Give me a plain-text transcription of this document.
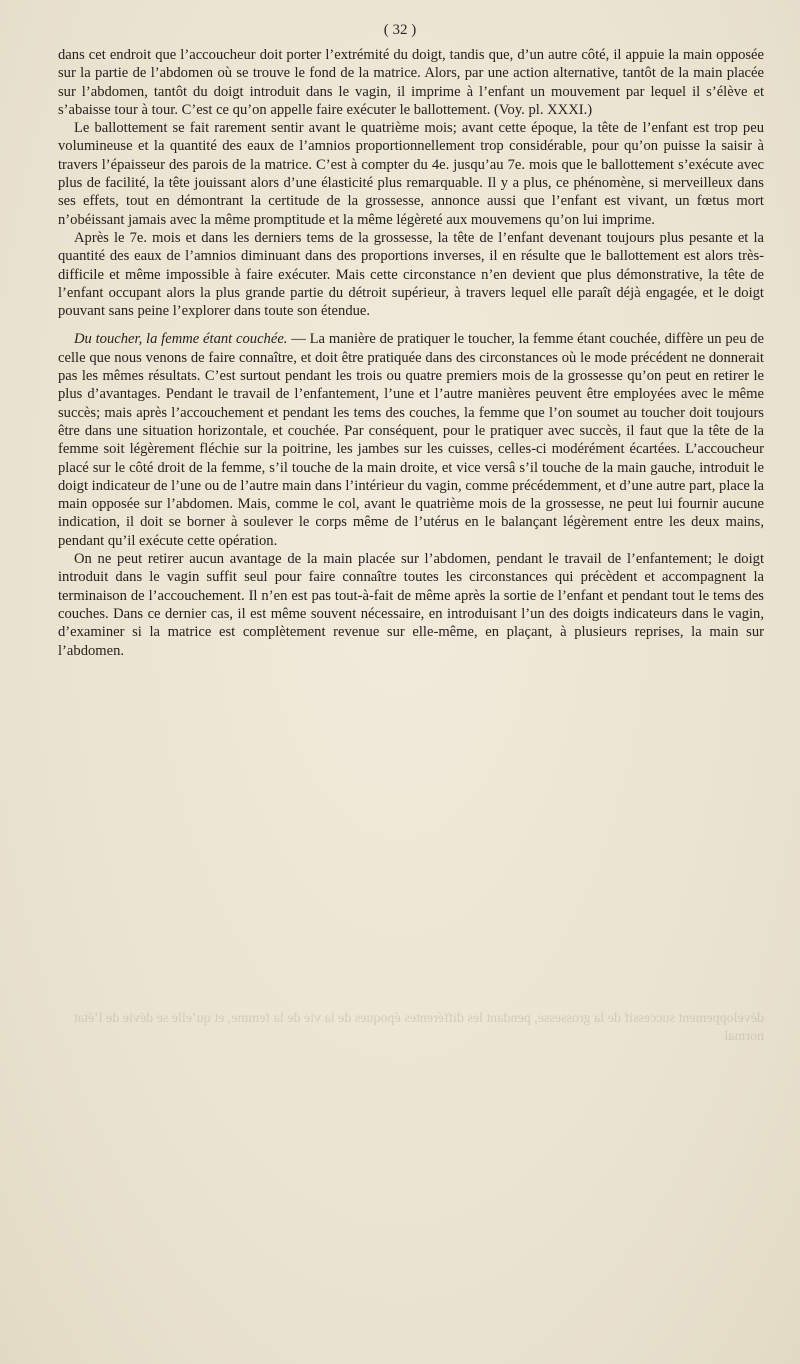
( 32 )

dans cet endroit que l’accoucheur doit porter l’extrémité du doigt, tandis que, d’un autre côté, il appuie la main opposée sur la partie de l’abdomen où se trouve le fond de la matrice. Alors, par une action alternative, tantôt de la main placée sur l’abdomen, tantôt du doigt introduit dans le vagin, il imprime à l’enfant un mouvement par lequel il s’élève et s’abaisse tour à tour. C’est ce qu’on appelle faire exécuter le ballottement. (Voy. pl. XXXI.)

Le ballottement se fait rarement sentir avant le quatrième mois; avant cette époque, la tête de l’enfant est trop peu volumineuse et la quantité des eaux de l’amnios proportionnellement trop considérable, pour qu’on puisse la saisir à travers l’épaisseur des parois de la matrice. C’est à compter du 4e. jusqu’au 7e. mois que le ballottement s’exécute avec plus de facilité, la tête jouissant alors d’une élasticité plus remarquable. Il y a plus, ce phénomène, si merveilleux dans ses effets, tout en démontrant la certitude de la grossesse, annonce aussi que l’enfant est vivant, un fœtus mort n’obéissant jamais avec la même promptitude et la même légèreté aux mouvemens qu’on lui imprime.

Après le 7e. mois et dans les derniers tems de la grossesse, la tête de l’enfant devenant toujours plus pesante et la quantité des eaux de l’amnios diminuant dans des proportions inverses, il en résulte que le ballottement est alors très-difficile et même impossible à faire exécuter. Mais cette circonstance n’en devient que plus démonstrative, la tête de l’enfant occupant alors la plus grande partie du détroit supérieur, à travers lequel elle paraît déjà engagée, et le doigt pouvant sans peine l’explorer dans toute son étendue.

Du toucher, la femme étant couchée. — La manière de pratiquer le toucher, la femme étant couchée, diffère un peu de celle que nous venons de faire connaître, et doit être pratiquée dans des circonstances où le mode précédent ne donnerait pas les mêmes résultats. C’est surtout pendant les trois ou quatre premiers mois de la grossesse qu’on peut en retirer le plus d’avantages. Pendant le travail de l’enfantement, l’une et l’autre manières peuvent être employées avec le même succès; mais après l’accouchement et pendant les tems des couches, la femme que l’on soumet au toucher doit toujours être dans une situation horizontale, et couchée. Par conséquent, pour le pratiquer avec succès, il faut que la tête de la femme soit légèrement fléchie sur la poitrine, les jambes sur les cuisses, celles-ci modérément écartées. L’accoucheur placé sur le côté droit de la femme, s’il touche de la main droite, et vice versâ s’il touche de la main gauche, introduit le doigt indicateur de l’une ou de l’autre main dans l’intérieur du vagin, comme précédemment, et d’une autre part, place la main opposée sur l’abdomen. Mais, comme le col, avant le quatrième mois de la grossesse, ne peut lui fournir aucune indication, il doit se borner à soulever le corps même de l’utérus en le balançant légèrement entre les deux mains, pendant qu’il exécute cette opération.

On ne peut retirer aucun avantage de la main placée sur l’abdomen, pendant le travail de l’enfantement; le doigt introduit dans le vagin suffit seul pour faire connaître toutes les circonstances qui précèdent et accompagnent la terminaison de l’accouchement. Il n’en est pas tout-à-fait de même après la sortie de l’enfant et pendant tout le tems des couches. Dans ce dernier cas, il est même souvent nécessaire, en introduisant l’un des doigts indicateurs dans le vagin, d’examiner si la matrice est complètement revenue sur elle-même, en plaçant, à plusieurs reprises, la main sur l’abdomen.

développement successif de la grossesse, pendant les différentes époques de la vie de la femme, et qu’elle se dévie de l’état normal
